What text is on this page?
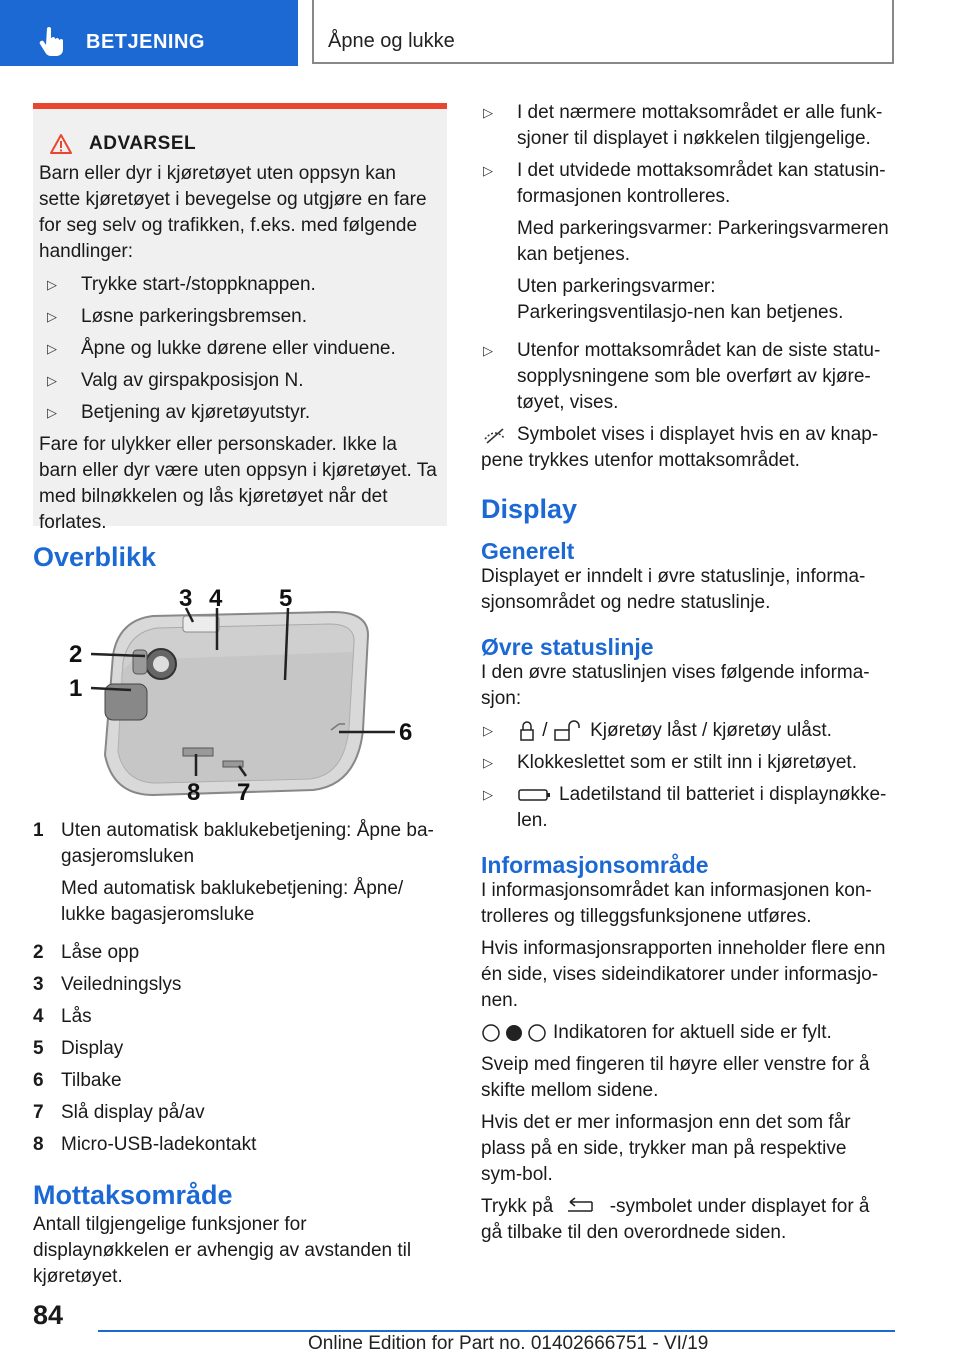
BETJENING	Åpne og lukke
ADVARSEL

Barn eller dyr i kjøretøyet uten oppsyn kan sette kjøretøyet i bevegelse og utgjøre en fare for seg selv og trafikken, f.eks. med følgende handlinger:

▷	Trykke start-/stoppknappen.
▷	Løsne parkeringsbremsen.
▷	Åpne og lukke dørene eller vinduene.
▷	Valg av girspakposisjon N.
▷	Betjening av kjøretøyutstyr.

Fare for ulykker eller personskader. Ikke la barn eller dyr være uten oppsyn i kjøretøyet. Ta med bilnøkkelen og lås kjøretøyet når det forlates.

Overblikk
1
2
3 4 5
6
7
8
1 Uten automatisk baklukebetjening: Åpne ba-gasjeromsluken

Med automatisk baklukebetjening: Åpne/ lukke bagasjeromsluke

2 Låse opp
3 Veiledningslys
4 Lås
5 Display
6 Tilbake
7 Slå display på/av
8 Micro-USB-ladekontakt
Mottaksområde

Antall tilgjengelige funksjoner for displaynøkkelen er avhengig av avstanden til kjøretøyet.

▷	I det nærmere mottaksområdet er alle funk-sjoner til displayet i nøkkelen tilgjengelige.
▷	I det utvidede mottaksområdet kan statusin-formasjonen kontrolleres.

Med parkeringsvarmer: Parkeringsvarmeren kan betjenes.

Uten parkeringsvarmer: Parkeringsventilasjo-nen kan betjenes.

▷	Utenfor mottaksområdet kan de siste statu-sopplysningene som ble overført av kjøre-tøyet, vises.

Symbolet vises i displayet hvis en av knap-pene trykkes utenfor mottaksområdet.

Display
Generelt

Displayet er inndelt i øvre statuslinje, informa-sjonsområdet og nedre statuslinje.

Øvre statuslinje

I den øvre statuslinjen vises følgende informa-sjon:

▷	/ Kjøretøy låst / kjøretøy ulåst.
▷	Klokkeslettet som er stilt inn i kjøretøyet.
▷	Ladetilstand til batteriet i displaynøkke-len.
Informasjonsområde

I informasjonsområdet kan informasjonen kon-trolleres og tilleggsfunksjonene utføres.

Hvis informasjonsrapporten inneholder flere enn én side, vises sideindikatorer under informasjo-nen.

Indikatoren for aktuell side er fylt.

Sveip med fingeren til høyre eller venstre for å skifte mellom sidene.

Hvis det er mer informasjon enn det som får plass på en side, trykker man på respektive sym-bol.

Trykk på	-symbolet under displayet for å gå tilbake til den overordnede siden.

84
Online Edition for Part no. 01402666751 - VI/19
